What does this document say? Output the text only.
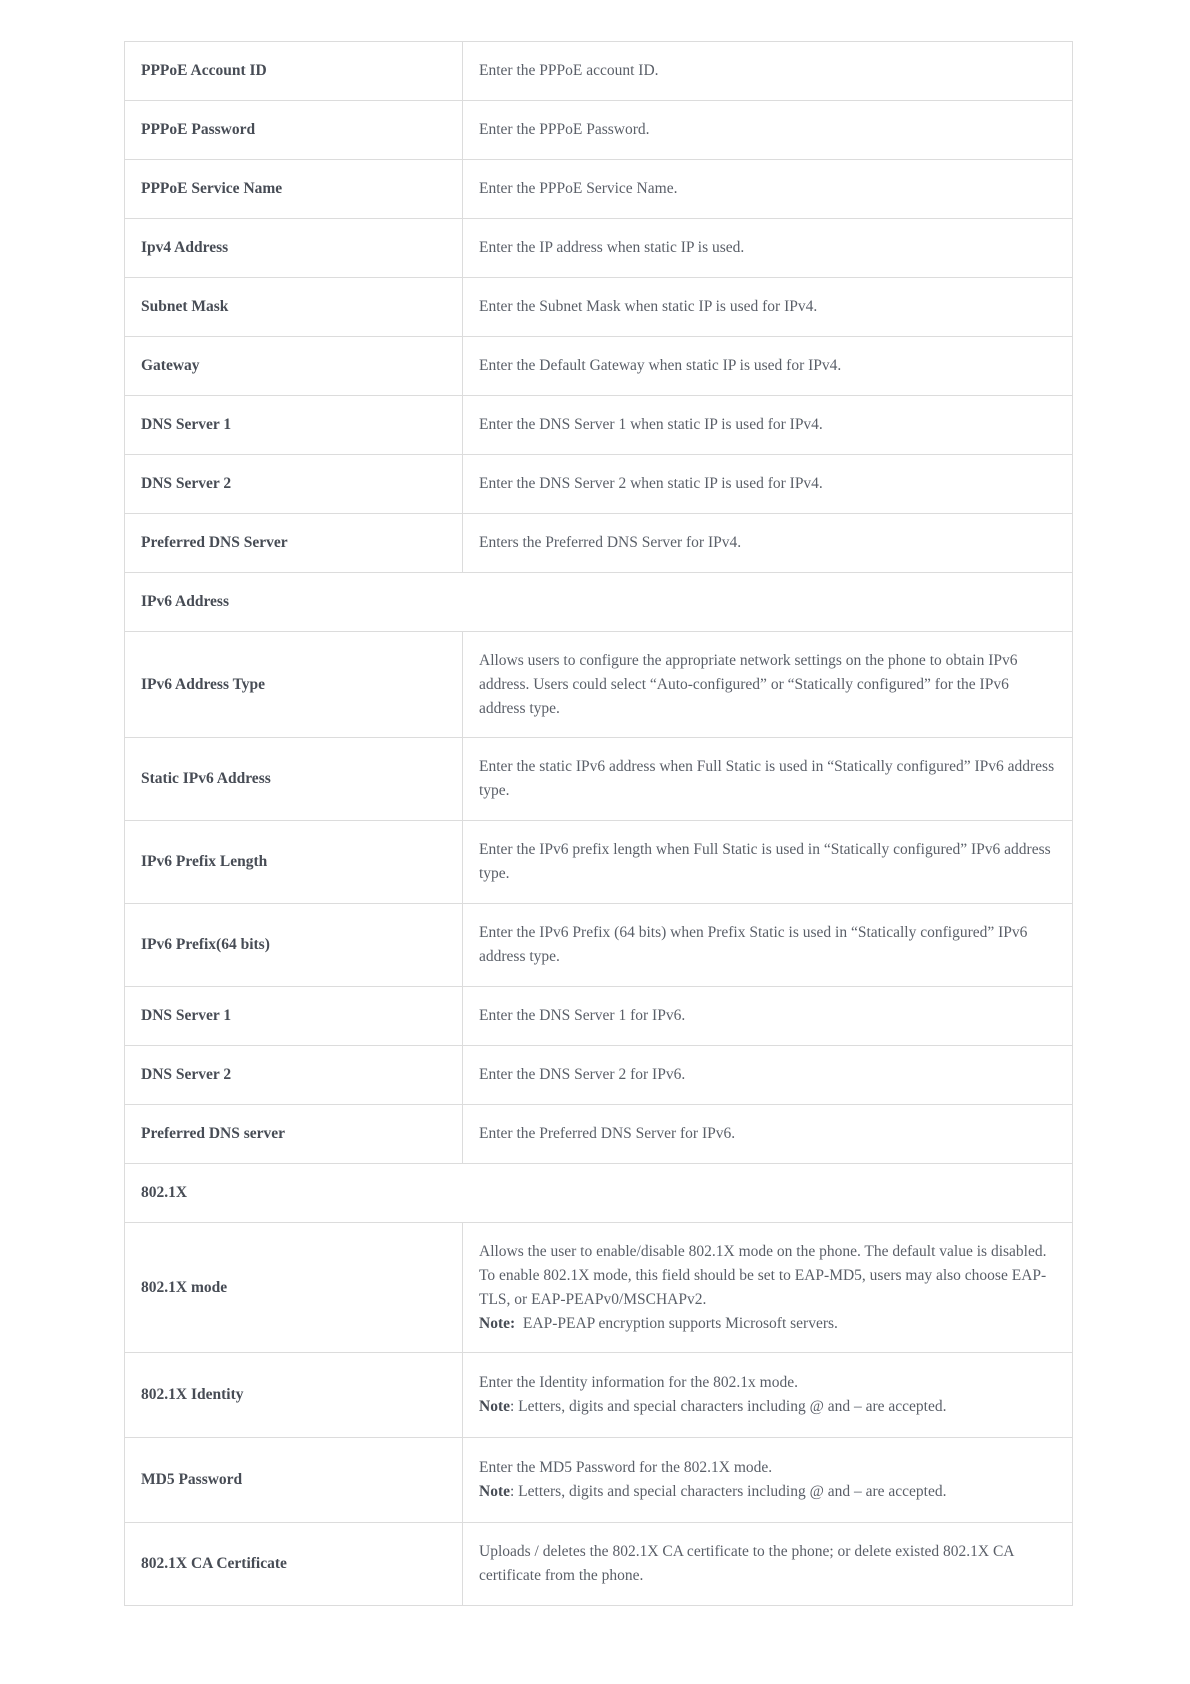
PPPoE Account ID	Enter the PPPoE account ID.

PPPoE Password	Enter the PPPoE Password.

PPPoE Service Name	Enter the PPPoE Service Name.

Ipv4 Address	Enter the IP address when static IP is used.

Subnet Mask	Enter the Subnet Mask when static IP is used for IPv4.

Gateway	Enter the Default Gateway when static IP is used for IPv4.

DNS Server 1	Enter the DNS Server 1 when static IP is used for IPv4.

DNS Server 2	Enter the DNS Server 2 when static IP is used for IPv4.

Preferred DNS Server	Enters the Preferred DNS Server for IPv4.

IPv6 Address	
IPv6 Address Type	Allows users to configure the appropriate network settings on the phone to obtain IPv6 address. Users could select “Auto-configured” or “Statically configured” for the IPv6 address type.

Static IPv6 Address	Enter the static IPv6 address when Full Static is used in “Statically configured” IPv6 address type.

IPv6 Prefix Length	Enter the IPv6 prefix length when Full Static is used in “Statically configured” IPv6 address type.

IPv6 Prefix(64 bits)	Enter the IPv6 Prefix (64 bits) when Prefix Static is used in “Statically configured” IPv6 address type.

DNS Server 1	Enter the DNS Server 1 for IPv6.

DNS Server 2	Enter the DNS Server 2 for IPv6.

Preferred DNS server	Enter the Preferred DNS Server for IPv6.

802.1X	
802.1X mode	Allows the user to enable/disable 802.1X mode on the phone. The default value is disabled. To enable 802.1X mode, this field should be set to EAP-MD5, users may also choose EAP-TLS, or EAP-PEAPv0/MSCHAPv2.
Note:  EAP-PEAP encryption supports Microsoft servers.

802.1X Identity	Enter the Identity information for the 802.1x mode.
Note: Letters, digits and special characters including @ and – are accepted.

MD5 Password	Enter the MD5 Password for the 802.1X mode.
Note: Letters, digits and special characters including @ and – are accepted.

802.1X CA Certificate	Uploads / deletes the 802.1X CA certificate to the phone; or delete existed 802.1X CA certificate from the phone.
